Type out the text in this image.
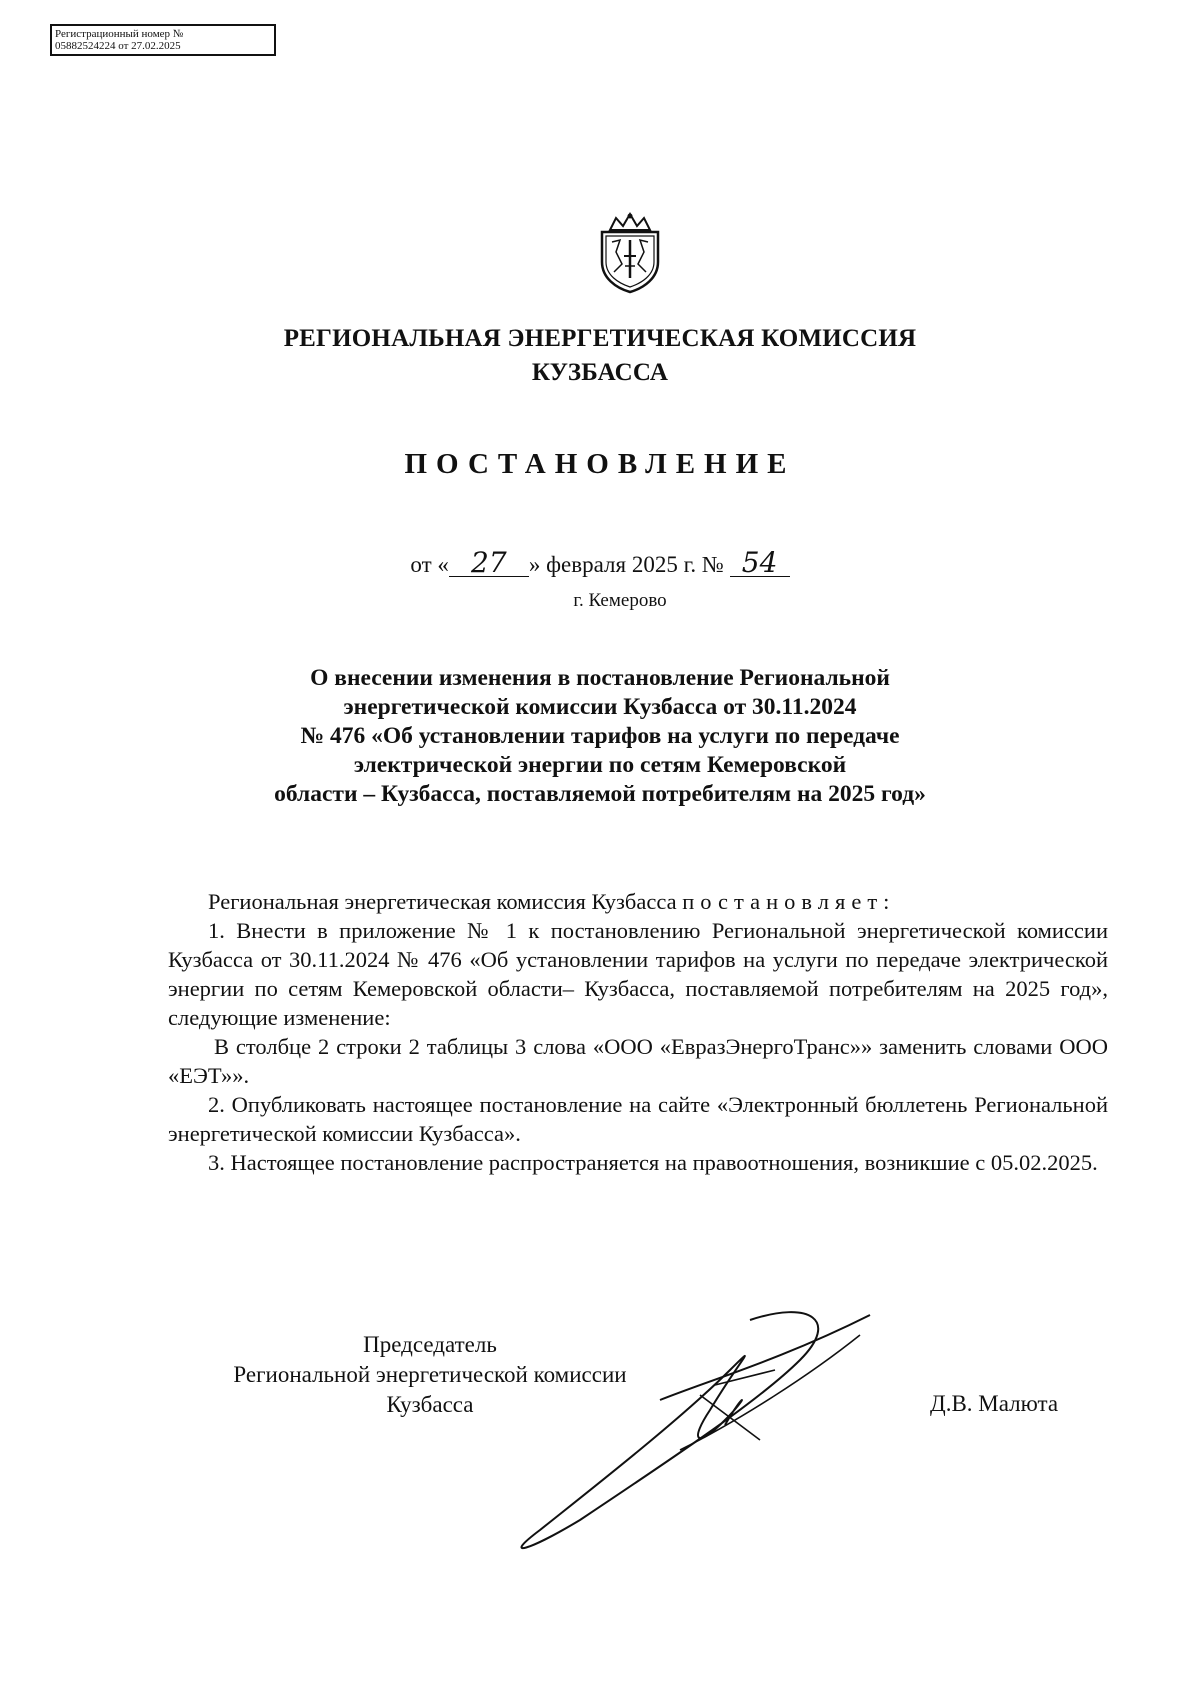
Регистрационный номер №
05882524224 от 27.02.2025
РЕГИОНАЛЬНАЯ ЭНЕРГЕТИЧЕСКАЯ КОМИССИЯ
КУЗБАССА
ПОСТАНОВЛЕНИЕ
от « 27 » февраля 2025 г. № 54
г. Кемерово
О внесении изменения в постановление Региональной
энергетической комиссии Кузбасса от 30.11.2024
№ 476 «Об установлении тарифов на услуги по передаче
электрической энергии по сетям Кемеровской
области – Кузбасса, поставляемой потребителям на 2025 год»

Региональная энергетическая комиссия Кузбасса постановляет:

1. Внести в приложение № 1 к постановлению Региональной энергетической комиссии Кузбасса от 30.11.2024 № 476 «Об установлении тарифов на услуги по передаче электрической энергии по сетям Кемеровской области– Кузбасса, поставляемой потребителям на 2025 год», следующие изменение:

В столбце 2 строки 2 таблицы 3 слова «ООО «ЕвразЭнергоТранс»» заменить словами ООО «ЕЭТ»».

2. Опубликовать настоящее постановление на сайте «Электронный бюллетень Региональной энергетической комиссии Кузбасса».

3. Настоящее постановление распространяется на правоотношения, возникшие с 05.02.2025.

Председатель
Региональной энергетической комиссии
Кузбасса	Д.В. Малюта
